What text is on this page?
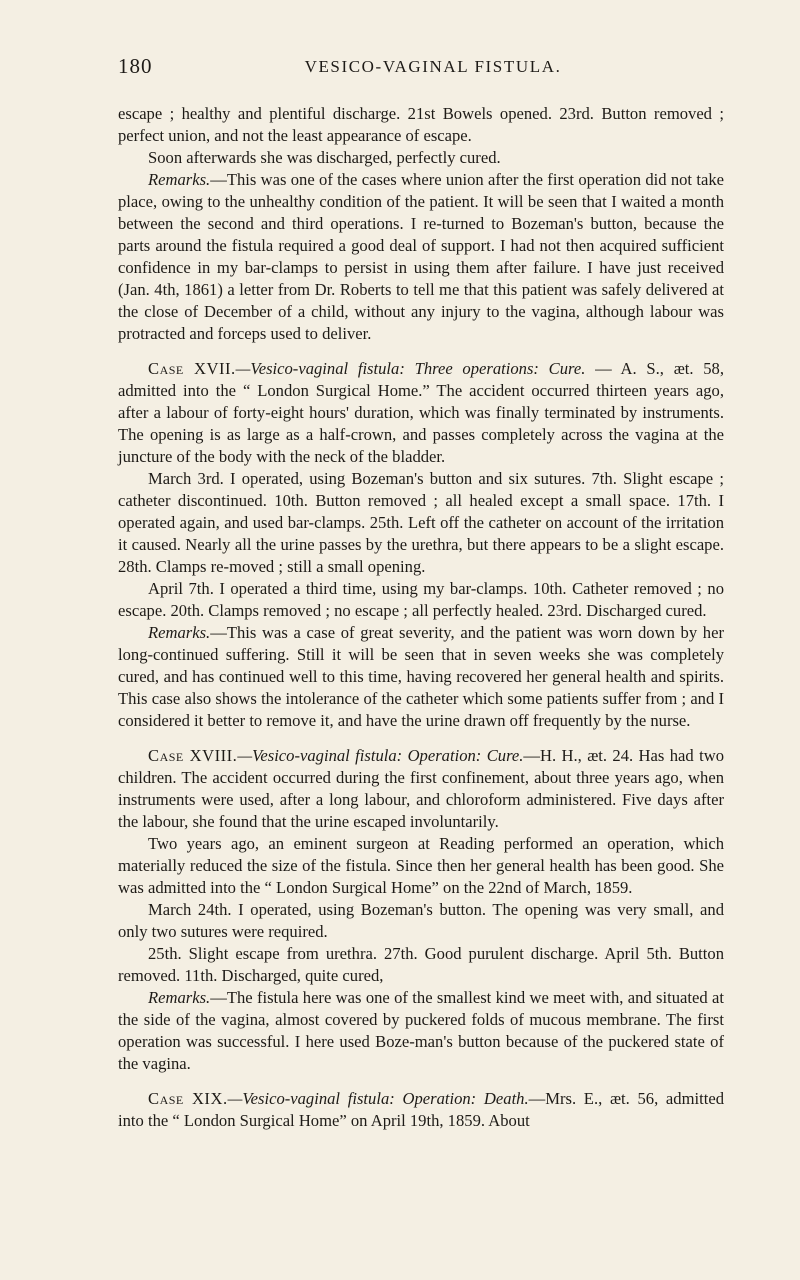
180	VESICO-VAGINAL FISTULA.

escape ; healthy and plentiful discharge. 21st Bowels opened. 23rd. Button removed ; perfect union, and not the least appearance of escape.

Soon afterwards she was discharged, perfectly cured.

Remarks.—This was one of the cases where union after the first operation did not take place, owing to the unhealthy condition of the patient. It will be seen that I waited a month between the second and third operations. I re-turned to Bozeman's button, because the parts around the fistula required a good deal of support. I had not then acquired sufficient confidence in my bar-clamps to persist in using them after failure. I have just received (Jan. 4th, 1861) a letter from Dr. Roberts to tell me that this patient was safely delivered at the close of December of a child, without any injury to the vagina, although labour was protracted and forceps used to deliver.

Case XVII.—Vesico-vaginal fistula: Three operations: Cure. — A. S., æt. 58, admitted into the “ London Surgical Home.” The accident occurred thirteen years ago, after a labour of forty-eight hours' duration, which was finally terminated by instruments. The opening is as large as a half-crown, and passes completely across the vagina at the juncture of the body with the neck of the bladder.

March 3rd. I operated, using Bozeman's button and six sutures. 7th. Slight escape ; catheter discontinued. 10th. Button removed ; all healed except a small space. 17th. I operated again, and used bar-clamps. 25th. Left off the catheter on account of the irritation it caused. Nearly all the urine passes by the urethra, but there appears to be a slight escape. 28th. Clamps re-moved ; still a small opening.

April 7th. I operated a third time, using my bar-clamps. 10th. Catheter removed ; no escape. 20th. Clamps removed ; no escape ; all perfectly healed. 23rd. Discharged cured.

Remarks.—This was a case of great severity, and the patient was worn down by her long-continued suffering. Still it will be seen that in seven weeks she was completely cured, and has continued well to this time, having recovered her general health and spirits. This case also shows the intolerance of the catheter which some patients suffer from ; and I considered it better to remove it, and have the urine drawn off frequently by the nurse.

Case XVIII.—Vesico-vaginal fistula: Operation: Cure.—H. H., æt. 24. Has had two children. The accident occurred during the first confinement, about three years ago, when instruments were used, after a long labour, and chloroform administered. Five days after the labour, she found that the urine escaped involuntarily.

Two years ago, an eminent surgeon at Reading performed an operation, which materially reduced the size of the fistula. Since then her general health has been good. She was admitted into the “ London Surgical Home” on the 22nd of March, 1859.

March 24th. I operated, using Bozeman's button. The opening was very small, and only two sutures were required.

25th. Slight escape from urethra. 27th. Good purulent discharge. April 5th. Button removed. 11th. Discharged, quite cured,

Remarks.—The fistula here was one of the smallest kind we meet with, and situated at the side of the vagina, almost covered by puckered folds of mucous membrane. The first operation was successful. I here used Boze-man's button because of the puckered state of the vagina.

Case XIX.—Vesico-vaginal fistula: Operation: Death.—Mrs. E., æt. 56, admitted into the “ London Surgical Home” on April 19th, 1859. About
